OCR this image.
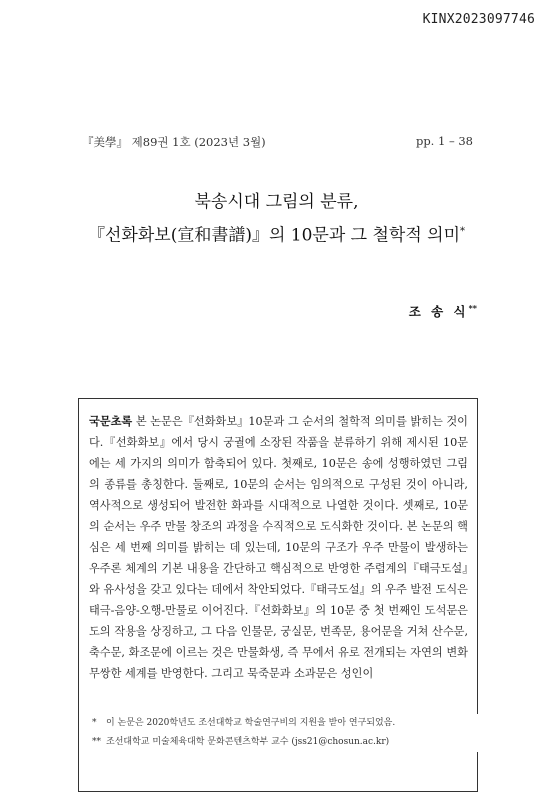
KINX2023097746
『美學』 제89권 1호 (2023년 3월)	pp. 1 – 38
북송시대 그림의 분류,
『선화화보(宣和書譜)』의 10문과 그 철학적 의미*
조 송 식**

국문초록 본 논문은『선화화보』10문과 그 순서의 철학적 의미를 밝히는 것이다.『선화화보』에서 당시 궁궐에 소장된 작품을 분류하기 위해 제시된 10문에는 세 가지의 의미가 함축되어 있다. 첫째로, 10문은 송에 성행하였던 그림의 종류를 총칭한다. 둘째로, 10문의 순서는 임의적으로 구성된 것이 아니라, 역사적으로 생성되어 발전한 화과를 시대적으로 나열한 것이다. 셋째로, 10문의 순서는 우주 만물 창조의 과정을 수직적으로 도식화한 것이다. 본 논문의 핵심은 세 번째 의미를 밝히는 데 있는데, 10문의 구조가 우주 만물이 발생하는 우주론 체계의 기본 내용을 간단하고 핵심적으로 반영한 주렴계의『태극도설』와 유사성을 갖고 있다는 데에서 착안되었다.『태극도설』의 우주 발전 도식은 태극-음양-오행-만물로 이어진다.『선화화보』의 10문 중 첫 번째인 도석문은 도의 작용을 상징하고, 그 다음 인물문, 궁실문, 번족문, 용어문을 거쳐 산수문, 축수문, 화조문에 이르는 것은 만물화생, 즉 무에서 유로 전개되는 자연의 변화무쌍한 세계를 반영한다. 그리고 묵죽문과 소과문은 성인이

* 이 논문은 2020학년도 조선대학교 학술연구비의 지원을 받아 연구되었음.
** 조선대학교 미술체육대학 문화콘텐츠학부 교수 (jss21@chosun.ac.kr)
